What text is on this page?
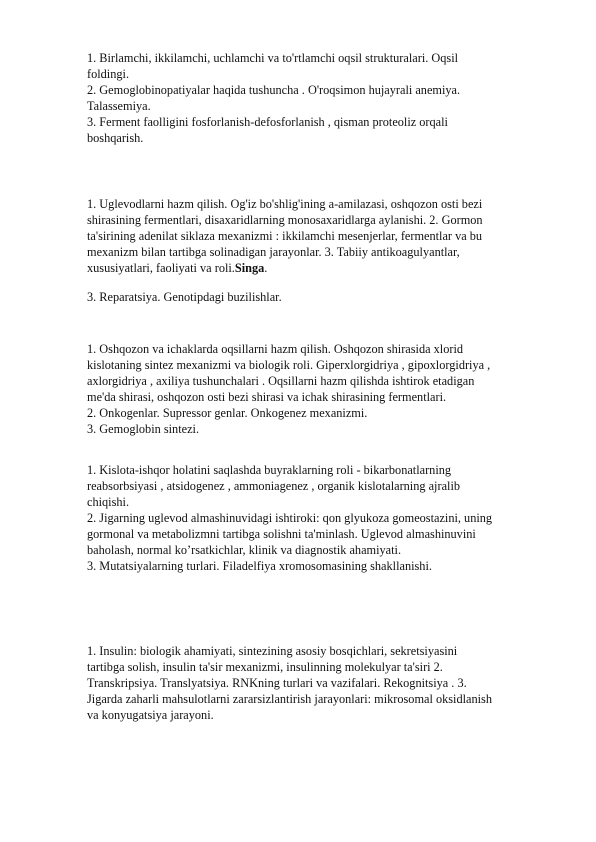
1. Birlamchi, ikkilamchi, uchlamchi va to'rtlamchi oqsil strukturalari. Oqsil
foldingi.
2. Gemoglobinopatiyalar haqida tushuncha . O'roqsimon hujayrali anemiya.
Talassemiya.
3. Ferment faolligini fosforlanish-defosforlanish , qisman proteoliz orqali
boshqarish.
1. Uglevodlarni hazm qilish. Og'iz bo'shlig'ining a-amilazasi, oshqozon osti bezi
shirasining fermentlari, disaxaridlarning monosaxaridlarga aylanishi. 2. Gormon
ta'sirining adenilat siklaza mexanizmi : ikkilamchi mesenjerlar, fermentlar va bu
mexanizm bilan tartibga solinadigan jarayonlar. 3. Tabiiy antikoagulyantlar,
xususiyatlari, faoliyati va roli.Singa.
3. Reparatsiya. Genotipdagi buzilishlar.
1. Oshqozon va ichaklarda oqsillarni hazm qilish. Oshqozon shirasida xlorid
kislotaning sintez mexanizmi va biologik roli. Giperxlorgidriya , gipoxlorgidriya ,
axlorgidriya , axiliya tushunchalari . Oqsillarni hazm qilishda ishtirok etadigan
me'da shirasi, oshqozon osti bezi shirasi va ichak shirasining fermentlari.
2. Onkogenlar. Supressor genlar. Onkogenez mexanizmi.
3. Gemoglobin sintezi.
1. Kislota-ishqor holatini saqlashda buyraklarning roli - bikarbonatlarning
reabsorbsiyasi , atsidogenez , ammoniagenez , organik kislotalarning ajralib
chiqishi.
2. Jigarning uglevod almashinuvidagi ishtiroki: qon glyukoza gomeostazini, uning
gormonal va metabolizmni tartibga solishni ta'minlash. Uglevod almashinuvini
baholash, normal ko’rsatkichlar, klinik va diagnostik ahamiyati.
3. Mutatsiyalarning turlari. Filadelfiya xromosomasining shakllanishi.
1. Insulin: biologik ahamiyati, sintezining asosiy bosqichlari, sekretsiyasini
tartibga solish, insulin ta'sir mexanizmi, insulinning molekulyar ta'siri 2.
Transkripsiya. Translyatsiya. RNKning turlari va vazifalari. Rekognitsiya . 3.
Jigarda zaharli mahsulotlarni zararsizlantirish jarayonlari: mikrosomal oksidlanish
va konyugatsiya jarayoni.
